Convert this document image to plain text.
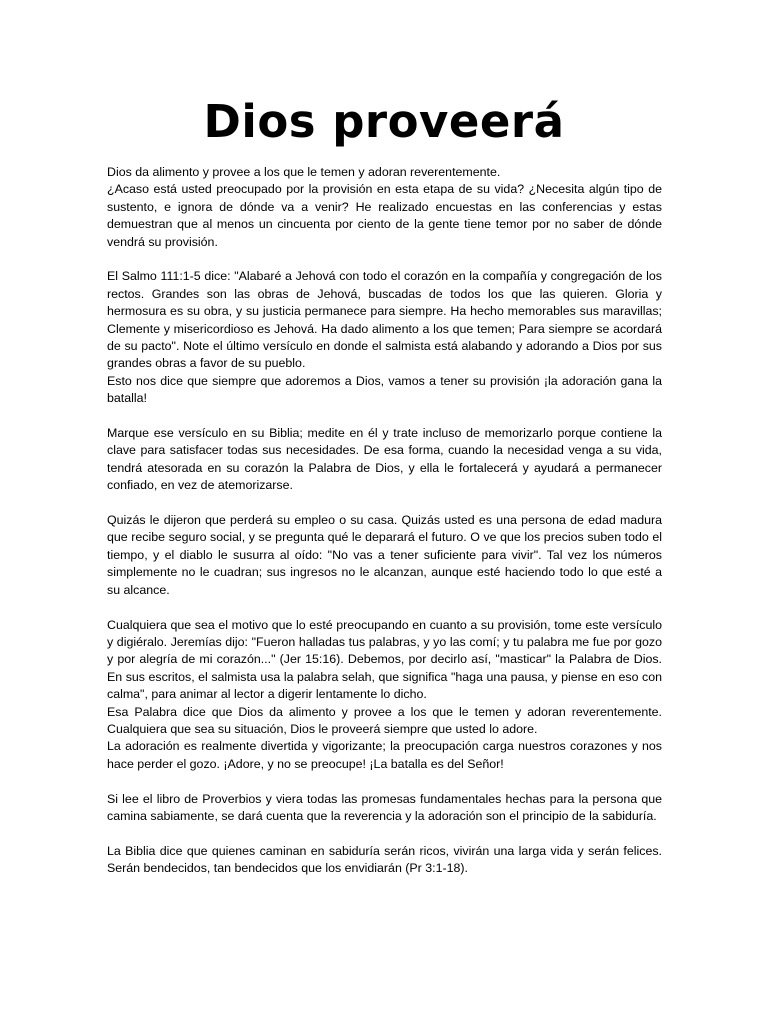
Dios proveerá

Dios da alimento y provee a los que le temen y adoran reverentemente.

¿Acaso está usted preocupado por la provisión en esta etapa de su vida? ¿Necesita algún tipo de sustento, e ignora de dónde va a venir? He realizado encuestas en las conferencias y estas demuestran que al menos un cincuenta por ciento de la gente tiene temor por no saber de dónde vendrá su provisión.

El Salmo 111:1-5 dice: "Alabaré a Jehová con todo el corazón en la compañía y congregación de los rectos. Grandes son las obras de Jehová, buscadas de todos los que las quieren. Gloria y hermosura es su obra, y su justicia permanece para siempre. Ha hecho memorables sus maravillas; Clemente y misericordioso es Jehová. Ha dado alimento a los que temen; Para siempre se acordará de su pacto". Note el último versículo en donde el salmista está alabando y adorando a Dios por sus grandes obras a favor de su pueblo.

Esto nos dice que siempre que adoremos a Dios, vamos a tener su provisión ¡la adoración gana la batalla!

Marque ese versículo en su Biblia; medite en él y trate incluso de memorizarlo porque contiene la clave para satisfacer todas sus necesidades. De esa forma, cuando la necesidad venga a su vida, tendrá atesorada en su corazón la Palabra de Dios, y ella le fortalecerá y ayudará a permanecer confiado, en vez de atemorizarse.

Quizás le dijeron que perderá su empleo o su casa. Quizás usted es una persona de edad madura que recibe seguro social, y se pregunta qué le deparará el futuro. O ve que los precios suben todo el tiempo, y el diablo le susurra al oído: "No vas a tener suficiente para vivir". Tal vez los números simplemente no le cuadran; sus ingresos no le alcanzan, aunque esté haciendo todo lo que esté a su alcance.

Cualquiera que sea el motivo que lo esté preocupando en cuanto a su provisión, tome este versículo y digiéralo. Jeremías dijo: "Fueron halladas tus palabras, y yo las comí; y tu palabra me fue por gozo y por alegría de mi corazón..." (Jer 15:16). Debemos, por decirlo así, "masticar" la Palabra de Dios. En sus escritos, el salmista usa la palabra selah, que significa "haga una pausa, y piense en eso con calma", para animar al lector a digerir lentamente lo dicho.

Esa Palabra dice que Dios da alimento y provee a los que le temen y adoran reverentemente. Cualquiera que sea su situación, Dios le proveerá siempre que usted lo adore.

La adoración es realmente divertida y vigorizante; la preocupación carga nuestros corazones y nos hace perder el gozo. ¡Adore, y no se preocupe! ¡La batalla es del Señor!

Si lee el libro de Proverbios y viera todas las promesas fundamentales hechas para la persona que camina sabiamente, se dará cuenta que la reverencia y la adoración son el principio de la sabiduría.

La Biblia dice que quienes caminan en sabiduría serán ricos, vivirán una larga vida y serán felices. Serán bendecidos, tan bendecidos que los envidiarán (Pr 3:1-18).
